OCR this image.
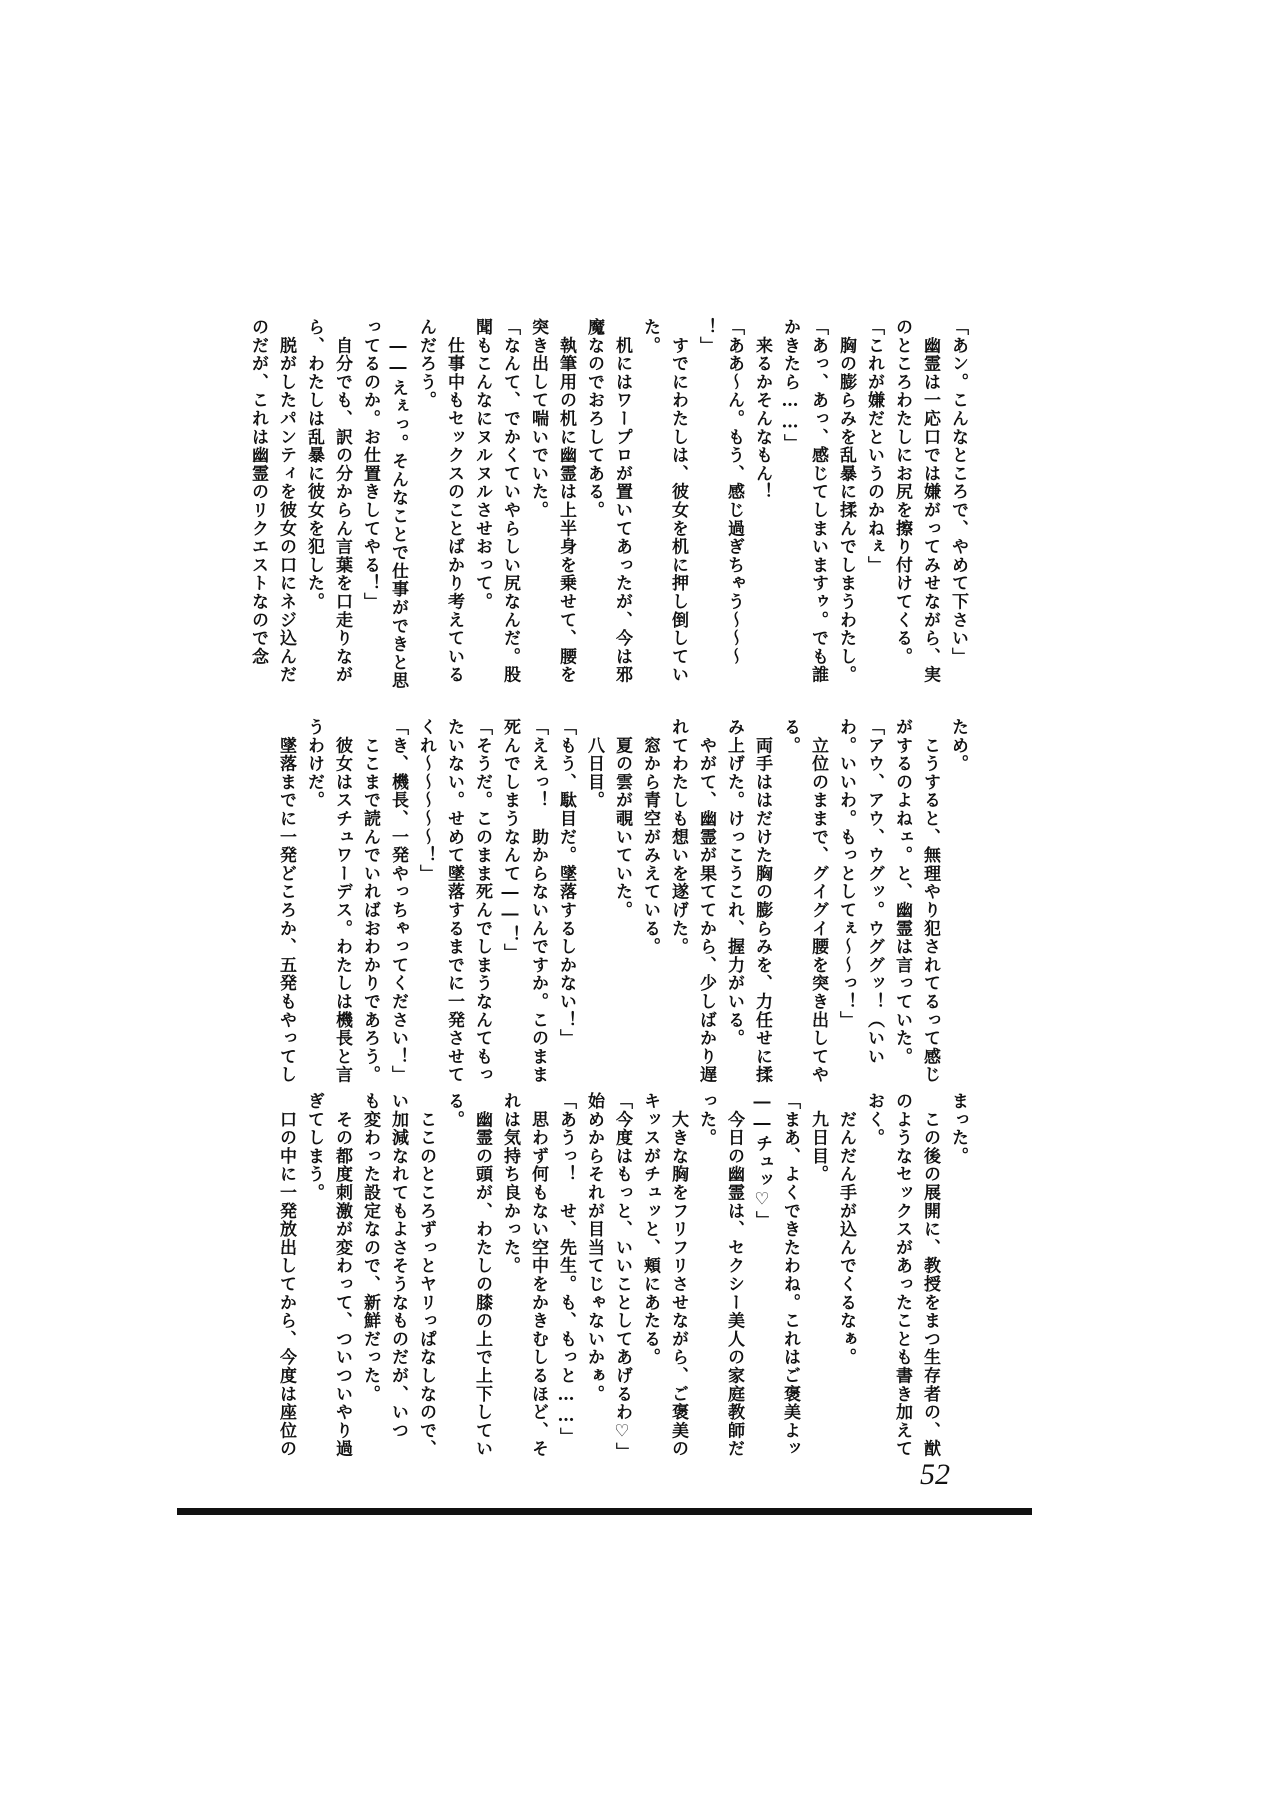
「あン。こんなところで、やめて下さい」

　幽霊は一応口では嫌がってみせながら、実

のところわたしにお尻を擦り付けてくる。

「これが嫌だというのかねぇ」

　胸の膨らみを乱暴に揉んでしまうわたし。

「あっ、あっ、感じてしまいますゥ。でも誰

かきたら……」

　来るかそんなもん！

「ああ～ん。もう、感じ過ぎちゃう～～～

！」

　すでにわたしは、彼女を机に押し倒してい

た。

　机にはワープロが置いてあったが、今は邪

魔なのでおろしてある。

　執筆用の机に幽霊は上半身を乗せて、腰を

突き出して喘いでいた。

「なんて、でかくていやらしい尻なんだ。股

聞もこんなにヌルヌルさせおって。

　仕事中もセックスのことばかり考えている

んだろう。

　――えぇっ。そんなことで仕事ができと思

ってるのか。お仕置きしてやる！」

　自分でも、訳の分からん言葉を口走りなが

ら、わたしは乱暴に彼女を犯した。

　脱がしたパンティを彼女の口にネジ込んだ

のだが、これは幽霊のリクエストなので念

ため。

　こうすると、無理やり犯されてるって感じ

がするのよねェ。と、幽霊は言っていた。

「アウ、アウ、ウグッ。ウググッ！（いい

わ。いいわ。もっとしてぇ～～っ！」

　立位のままで、グイグイ腰を突き出してや

る。

　両手ははだけた胸の膨らみを、力任せに揉

み上げた。けっこうこれ、握力がいる。

　やがて、幽霊が果ててから、少しばかり遅

れてわたしも想いを遂げた。

　窓から青空がみえている。

　夏の雲が覗いていた。

　八日目。

「もう、駄目だ。墜落するしかない！」

「ええっ！　助からないんですか。このまま

死んでしまうなんて――！」

「そうだ。このまま死んでしまうなんてもっ

たいない。せめて墜落するまでに一発させて

くれ～～～～～！」

「き、機長、一発やっちゃってください！」

　ここまで読んでいればおわかりであろう。

　彼女はスチュワーデス。わたしは機長と言

うわけだ。

　墜落までに一発どころか、五発もやってし

まった。

　この後の展開に、教授をまつ生存者の、猷

のようなセックスがあったことも書き加えて

おく。

　だんだん手が込んでくるなぁ。

　九日目。

「まあ、よくできたわね。これはご褒美よッ

――チュッ♡」

　今日の幽霊は、セクシー美人の家庭教師だ

った。

　大きな胸をフリフリさせながら、ご褒美の

キッスがチュッと、頬にあたる。

「今度はもっと、いいことしてあげるわ♡」

始めからそれが目当てじゃないかぁ。

「あうっ！　せ、先生。も、もっと……」

　思わず何もない空中をかきむしるほど、そ

れは気持ち良かった。

　幽霊の頭が、わたしの膝の上で上下してい

る。

　ここのところずっとヤリっぱなしなので、

い加減なれてもよさそうなものだが、いつ

も変わった設定なので、新鮮だった。

　その都度刺激が変わって、ついついやり過

ぎてしまう。

　口の中に一発放出してから、今度は座位の

52
